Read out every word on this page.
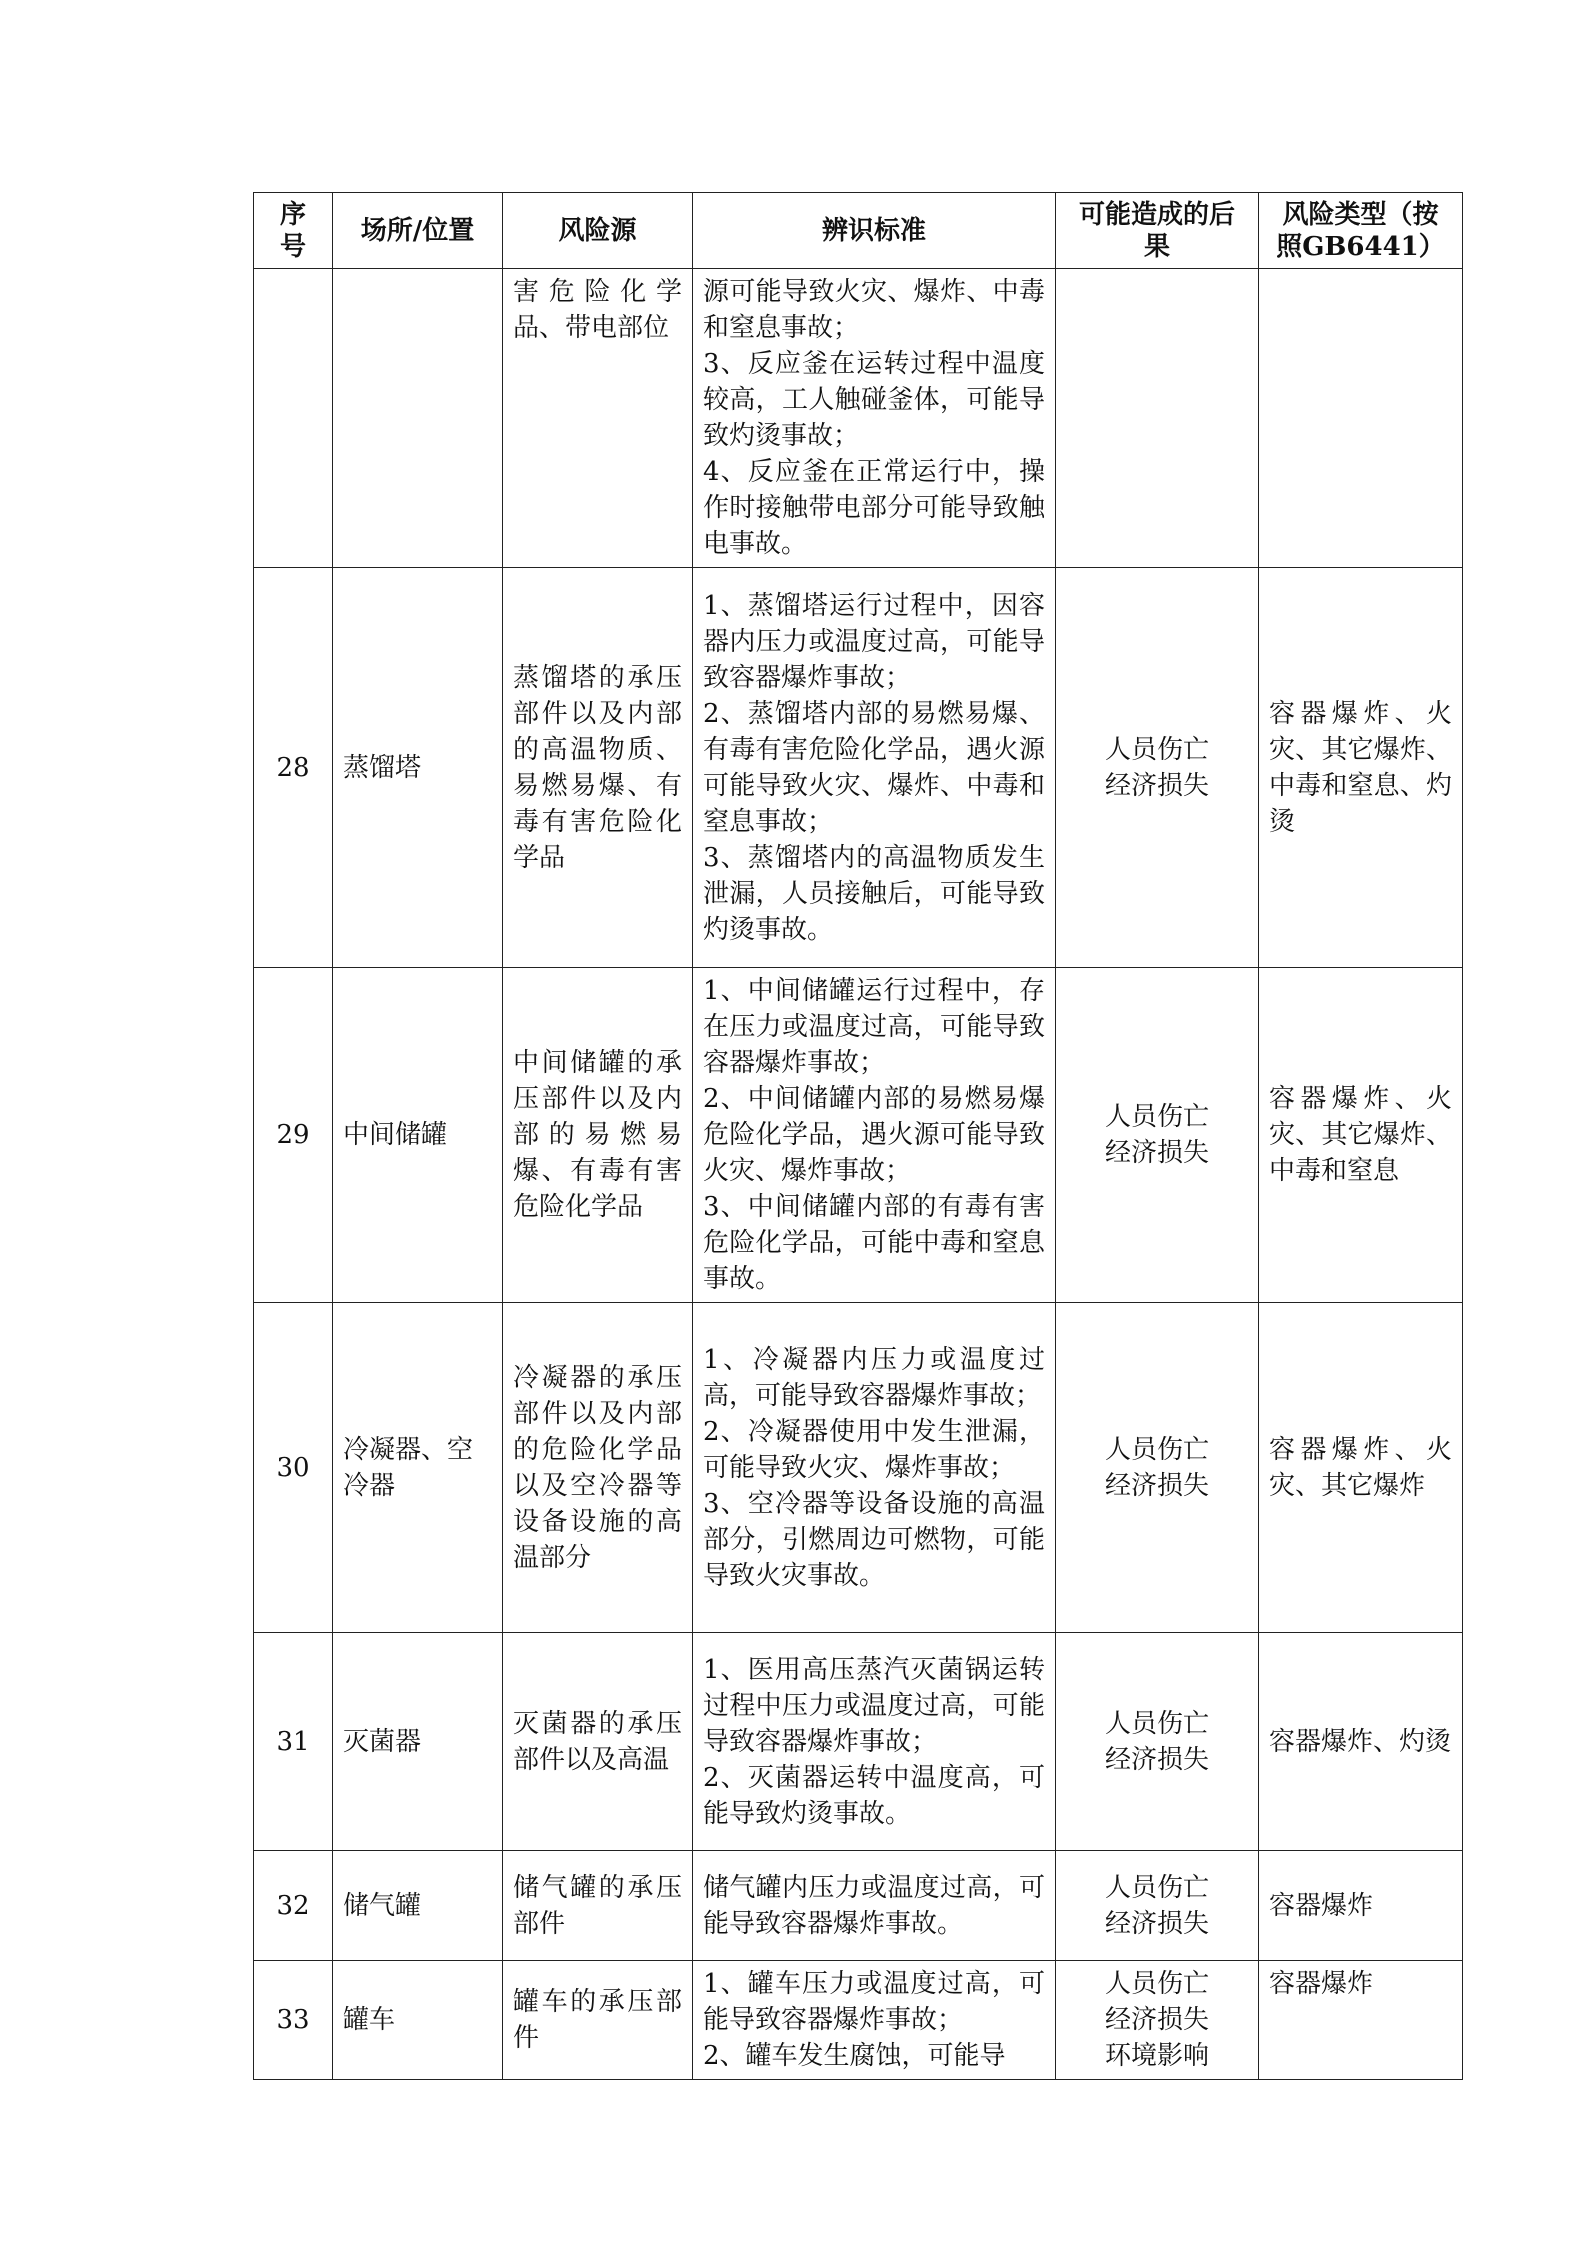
序
号	场所/位置	风险源	辨识标准	可能造成的后
果	风险类型（按
照GB6441）

		害危险化学品、带电部位	源可能导致火灾、爆炸、中毒和窒息事故；
3、反应釜在运转过程中温度较高，工人触碰釜体，可能导致灼烫事故；
4、反应釜在正常运行中，操作时接触带电部分可能导致触电事故。		

28	蒸馏塔	蒸馏塔的承压部件以及内部的高温物质、易燃易爆、有毒有害危险化学品	1、蒸馏塔运行过程中，因容器内压力或温度过高，可能导致容器爆炸事故；
2、蒸馏塔内部的易燃易爆、有毒有害危险化学品，遇火源可能导致火灾、爆炸、中毒和窒息事故；
3、蒸馏塔内的高温物质发生泄漏，人员接触后，可能导致灼烫事故。	人员伤亡
经济损失	容器爆炸、火灾、其它爆炸、中毒和窒息、灼烫
29	中间储罐	中间储罐的承压部件以及内部的易燃易爆、有毒有害危险化学品	1、中间储罐运行过程中，存在压力或温度过高，可能导致容器爆炸事故；
2、中间储罐内部的易燃易爆危险化学品，遇火源可能导致火灾、爆炸事故；
3、中间储罐内部的有毒有害危险化学品，可能中毒和窒息事故。	人员伤亡
经济损失	容器爆炸、火灾、其它爆炸、中毒和窒息
30	冷凝器、空冷器	冷凝器的承压部件以及内部的危险化学品以及空冷器等设备设施的高温部分	1、冷凝器内压力或温度过高，可能导致容器爆炸事故；
2、冷凝器使用中发生泄漏，可能导致火灾、爆炸事故；
3、空冷器等设备设施的高温部分，引燃周边可燃物，可能导致火灾事故。	人员伤亡
经济损失	容器爆炸、火灾、其它爆炸
31	灭菌器	灭菌器的承压部件以及高温	1、医用高压蒸汽灭菌锅运转过程中压力或温度过高，可能导致容器爆炸事故；
2、灭菌器运转中温度高，可能导致灼烫事故。	人员伤亡
经济损失	容器爆炸、灼烫
32	储气罐	储气罐的承压部件	储气罐内压力或温度过高，可能导致容器爆炸事故。	人员伤亡
经济损失	容器爆炸
33	罐车	罐车的承压部件	1、罐车压力或温度过高，可能导致容器爆炸事故；
2、罐车发生腐蚀，可能导	人员伤亡
经济损失
环境影响	容器爆炸
